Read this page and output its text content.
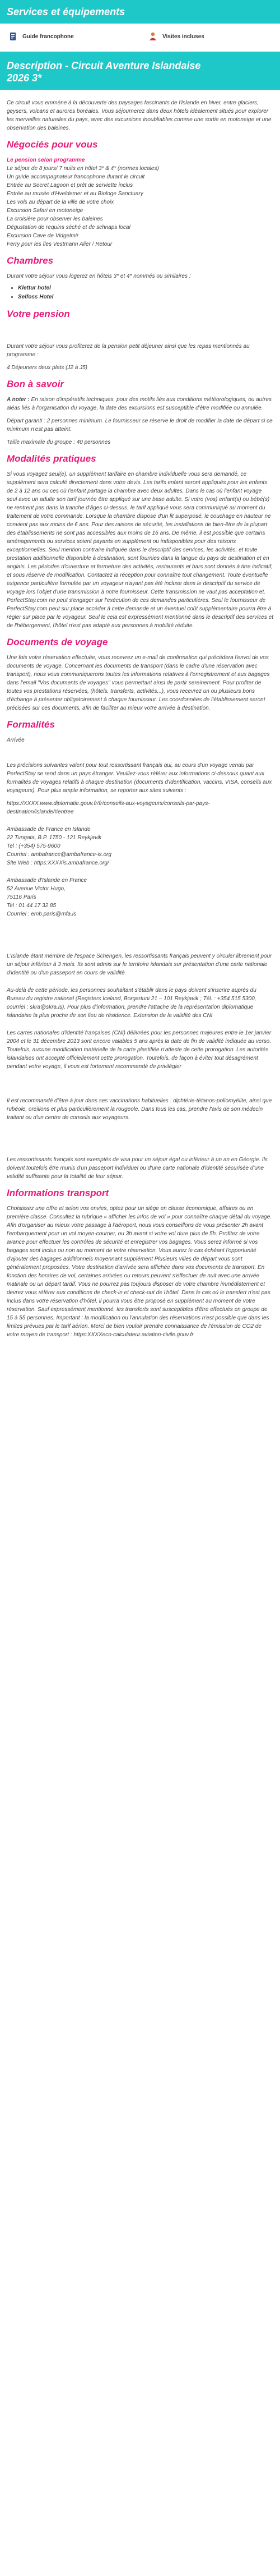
Services et équipements
Guide francophone	Visites incluses
Description - Circuit Aventure Islandaise
2026 3*

Ce circuit vous emmène à la découverte des paysages fascinants de l'Islande en hiver, entre glaciers, geysers, volcans et aurores boréales. Vous séjournerez dans deux hôtels idéalement situés pour explorer les merveilles naturelles du pays, avec des excursions inoubliables comme une sortie en motoneige et une observation des baleines.

Négociés pour vous

Le pension selon programme

Le séjour de 8 jours/ 7 nuits en hôtel 3* & 4* (normes locales)

Un guide accompagnateur francophone durant le circuit

Entrée au Secret Lagoon et prêt de serviette inclus

Entrée au musée d'Hveldemer et au Biologe Sanctuary

Les vols au départ de la ville de votre choix

Excursion Safari en motoneige

La croisière pour observer les baleines

Dégustation de requins séché et de schnaps local

Excursion Cave de Vidgelmir

Ferry pour les îles Vestmann Alier / Retour

Chambres

Durant votre séjour vous logerez en hôtels 3* et 4* nommés ou similaires :

• Klettur hotel
• Selfoss Hotel
Votre pension

Durant votre séjour vous profiterez de la pension petit déjeuner ainsi que les repas mentionnés au programme :

4 Déjeuners deux plats (J2 à J5)

Bon à savoir

A noter : En raison d'impératifs techniques, pour des motifs liés aux conditions météorologiques, ou autres aléas liés à l'organisation du voyage, la date des excursions est susceptible d'être modifiée ou annulée.

Départ garanti : 2 personnes minimum. Le fournisseur se réserve le droit de modifier la date de départ si ce minimum n'est pas atteint.

Taille maximale du groupe : 40 personnes

Modalités pratiques

Si vous voyagez seul(e), un supplément tarifaire en chambre individuelle vous sera demandé, ce supplément sera calculé directement dans votre devis. Les tarifs enfant seront appliqués pour les enfants de 2 à 12 ans ou ces où l'enfant partage la chambre avec deux adultes. Dans le cas où l'enfant voyage seul avec un adulte son tarif journée être appliqué sur une base adulte. Si votre (vos) enfant(s) ou bébé(s) ne rentrent pas dans la tranche d'âges ci-dessus, le tarif appliqué vous sera communiqué au moment du traitement de votre commande. Lorsque la chambre dispose d'un lit superposé, le couchage en hauteur ne convient pas aux moins de 6 ans. Pour des raisons de sécurité, les installations de bien-être de la plupart des établissements ne sont pas accessibles aux moins de 16 ans. De même, il est possible que certains aménagements ou services soient payants en supplément ou indisponibles pour des raisons exceptionnelles. Seul mention contraire indiquée dans le descriptif des services, les activités, et toute prestation additionnelle disponible à destination, sont fournies dans la langue du pays de destination et en anglais. Les périodes d'ouverture et fermeture des activités, restaurants et bars sont donnés à titre indicatif, et sous réserve de modification. Contactez la réception pour connaître tout changement. Toute éventuelle exigence particulière formulée par un voyageur n'ayant pas été incluse dans le descriptif du service de voyage lors l'objet d'une transmission à notre fournisseur. Cette transmission ne vaut pas acceptation et. PerfectStay.com ne peut s'engager sur l'exécution de ces demandes particulières. Seul le fournisseur de PerfectStay.com peut sur place accéder à cette demande et un éventuel coût supplémentaire pourra être à régler sur place par le voyageur. Seul le cela est expressément mentionné dans le descriptif des services et de l'hébergement, l'hôtel n'est pas adapté aux personnes à mobilité réduite.

Documents de voyage

Une fois votre réservation effectuée, vous recevrez un e-mail de confirmation qui précédera l'envoi de vos documents de voyage. Concernant les documents de transport (dans le cadre d'une réservation avec transport), nous vous communiquerons toutes les informations relatives à l'enregistrement et aux bagages dans l'email "Vos documents de voyages" vous permettant ainsi de partir sereinement. Pour profiter de toutes vos prestations réservées, (hôtels, transferts, activités...), vous recevrez un ou plusieurs bons d'échange à présenter obligatoirement à chaque fournisseur. Les coordonnées de l'établissement seront précisées sur ces documents, afin de faciliter au mieux votre arrivée à destination.

Formalités

Arrivée

Les précisions suivantes valent pour tout ressortissant français qui, au cours d'un voyage vendu par PerfectStay se rend dans un pays étranger. Veuillez-vous référer aux informations ci-dessous quant aux formalités de voyages relatifs à chaque destination (documents d'identification, vaccins, VISA, conseils aux voyageurs). Pour plus ample information, se reporter aux sites suivants :

https://XXXX.www.diplomatie.gouv.fr/fr/conseils-aux-voyageurs/conseils-par-pays-destination/islande/#entree

Ambassade de France en Islande

22 Tungata, B.P. 1750 - 121 Reykjavik

Tel : (+354) 575-9600

Courriel : ambafrance@ambafrance-is.org

Site Web : https:XXXXis.ambafrance.org/

Ambassade d'Islande en France

52 Avenue Victor Hugo,

75116 Paris

Tel : 01 44 17 32 85

Courriel : emb.paris@mfa.is

L'Islande étant membre de l'espace Schengen, les ressortissants français peuvent y circuler librement pour un séjour inférieur à 3 mois. Ils sont admis sur le territoire islandais sur présentation d'une carte nationale d'identité ou d'un passeport en cours de validité.

Au-delà de cette période, les personnes souhaitant s'établir dans le pays doivent s'inscrire auprès du Bureau du registre national (Registers Iceland, Borgartuni 21 – 101 Reykjavik ; Tél. : +354 515 5300, courriel : skra@skra.is). Pour plus d'information, prendre l'attache de la représentation diplomatique islandaise la plus proche de son lieu de résidence. Extension de la validité des CNI

Les cartes nationales d'identité françaises (CNI) délivrées pour les personnes majeures entre le 1er janvier 2004 et le 31 décembre 2013 sont encore valables 5 ans après la date de fin de validité indiquée au verso. Toutefois, aucune modification matérielle de la carte plastifiée n'atteste de cette prorogation. Les autorités islandaises ont accepté officiellement cette prorogation. Toutefois, de façon à éviter tout désagrément pendant votre voyage, il vous est fortement recommandé de privilégier

Il est recommandé d'être à jour dans ses vaccinations habituelles : diphtérie-tétanos-poliomyélite, ainsi que rubéole, oreillons et plus particulièrement la rougeole. Dans tous les cas, prendre l'avis de son médecin traitant ou d'un centre de conseils aux voyageurs.

Les ressortissants français sont exemptés de visa pour un séjour égal ou inférieur à un an en Géorgie. Ils doivent toutefois être munis d'un passeport individuel ou d'une carte nationale d'identité sécurisée d'une validité suffisante pour la totalité de leur séjour.

Informations transport

Choisissez une offre et selon vos envies, optez pour un siège en classe économique, affaires ou en première classe. Consultez la rubrique « afficher les infos de vol » pour connaître chaque détail du voyage. Afin d'organiser au mieux votre passage à l'aéroport, nous vous conseillons de vous présenter 2h avant l'embarquement pour un vol moyen-courrier, ou 3h avant si votre vol dure plus de 5h. Profitez de votre avance pour effectuer les contrôles de sécurité et enregistrer vos bagages. Vous serez informé si vos bagages sont inclus ou non au moment de votre réservation. Vous aurez le cas échéant l'opportunité d'ajouter des bagages additionnels moyennant supplément Plusieurs villes de départ vous sont généralement proposées. Votre destination d'arrivée sera affichée dans vos documents de transport. En fonction des horaires de vol, certaines arrivées ou retours peuvent s'effectuer de nuit avec une arrivée matinale ou un départ tardif. Vous ne pourrez pas toujours disposer de votre chambre immédiatement et devrez vous référer aux conditions de check-in et check-out de l'hôtel. Dans le cas où le transfert n'est pas inclus dans votre réservation d'hôtel, il pourra vous être proposé en supplément au moment de votre réservation. Sauf expressément mentionné, les transferts sont susceptibles d'être effectués en groupe de 15 à 55 personnes. Important : la modification ou l'annulation des réservations n'est possible que dans les limites prévues par le tarif aérien. Merci de bien vouloir prendre connaissance de l'émission de CO2 de votre moyen de transport : https:XXXXeco-calculateur.aviation-civile.gouv.fr
